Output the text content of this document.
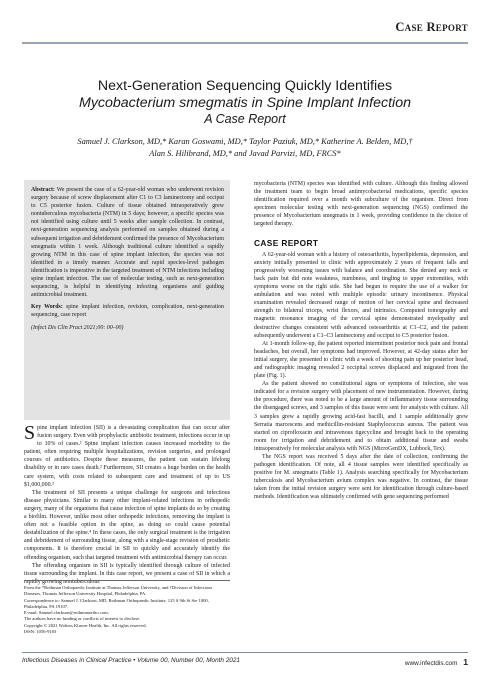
Case Report
Next-Generation Sequencing Quickly Identifies
Mycobacterium smegmatis in Spine Implant Infection
A Case Report
Samuel J. Clarkson, MD,* Karan Goswami, MD,* Taylor Paziuk, MD,* Katherine A. Belden, MD,†
Alan S. Hilibrand, MD,* and Javad Parvizi, MD, FRCS*

Abstract: We present the case of a 62-year-old woman who underwent revision surgery because of screw displacement after C1 to C3 laminectomy and occiput to C5 posterior fusion. Culture of tissue obtained intraoperatively grew nontuberculous mycobacteria (NTM) in 5 days; however, a specific species was not identified using culture until 5 weeks after sample collection. In contrast, next-generation sequencing analysis performed on samples obtained during a subsequent irrigation and debridement confirmed the presence of Mycobacterium smegmatis within 1 week. Although traditional culture identified a rapidly growing NTM in this case of spine implant infection, the species was not identified in a timely manner. Accurate and rapid species-level pathogen identification is imperative in the targeted treatment of NTM infections including spine implant infection. The use of molecular testing, such as next-generation sequencing, is helpful in identifying infecting organisms and guiding antimicrobial treatment.

Key Words: spine implant infection, revision, complication, next-generation sequencing, case report

(Infect Dis Clin Pract 2021;00: 00–00)

Spine implant infection (SII) is a devastating complication that can occur after fusion surgery. Even with prophylactic antibiotic treatment, infections occur in up to 10% of cases.¹ Spine implant infection causes increased morbidity to the patient, often requiring multiple hospitalizations, revision surgeries, and prolonged courses of antibiotics. Despite these measures, the patient can sustain lifelong disability or in rare cases death.² Furthermore, SII creates a huge burden on the health care system, with costs related to subsequent care and treatment of up to US $1,000,000.³

The treatment of SII presents a unique challenge for surgeons and infectious disease physicians. Similar to many other implant-related infections in orthopedic surgery, many of the organisms that cause infection of spine implants do so by creating a biofilm. However, unlike most other orthopedic infections, removing the implant is often not a feasible option in the spine, as doing so could cause potential destabilization of the spine.⁴ In these cases, the only surgical treatment is the irrigation and debridement of surrounding tissue, along with a single-stage revision of prosthetic components. It is therefore crucial in SII to quickly and accurately identify the offending organism, such that targeted treatment with antimicrobial therapy can occur.

The offending organism in SII is typically identified through culture of infected tissue surrounding the implant. In this case report, we present a case of SII in which a rapidly growing nontuberculous

From the *Rothman Orthopaedic Institute at Thomas Jefferson University, and †Division of Infectious Diseases, Thomas Jefferson University Hospital, Philadelphia, PA.

Correspondence to: Samuel J. Clarkson, MD, Rothman Orthopaedic Institute, 125 S 9th St Ste 1000, Philadelphia, PA 19107.

E-mail: Samuel.clarkson@rothmanortho.com.

The authors have no funding or conflicts of interest to disclose.

Copyright © 2021 Wolters Kluwer Health, Inc. All rights reserved.

ISSN: 1056-9103

mycobacteria (NTM) species was identified with culture. Although this finding allowed the treatment team to begin broad antimycobacterial medications, specific species identification required over a month with subculture of the organism. Direct from specimen molecular testing with next-generation sequencing (NGS) confirmed the presence of Mycobacterium smegmatis in 1 week, providing confidence in the choice of targeted therapy.

CASE REPORT

A 62-year-old woman with a history of osteoarthritis, hyperlipidemia, depression, and anxiety initially presented to clinic with approximately 2 years of frequent falls and progressively worsening issues with balance and coordination. She denied any neck or back pain but did note weakness, numbness, and tingling to upper extremities, with symptoms worse on the right side. She had begun to require the use of a walker for ambulation and was noted with multiple episodic urinary incontinence. Physical examination revealed decreased range of motion of her cervical spine and decreased strength to bilateral triceps, wrist flexors, and intrinsics. Computed tomography and magnetic resonance imaging of the cervical spine demonstrated myelopathy and destructive changes consistent with advanced osteoarthritis at C1–C2, and the patient subsequently underwent a C1–C3 laminectomy and occiput to C5 posterior fusion.

At 1-month follow-up, the patient reported intermittent posterior neck pain and frontal headaches, but overall, her symptoms had improved. However, at 42-day status after her initial surgery, she presented to clinic with a week of shooting pain up her posterior head, and radiographic imaging revealed 2 occipital screws displaced and migrated from the plate (Fig. 1).

As the patient showed no constitutional signs or symptoms of infection, she was indicated for a revision surgery with placement of new instrumentation. However, during the procedure, there was noted to be a large amount of inflammatory tissue surrounding the disengaged screws, and 3 samples of this tissue were sent for analysis with culture. All 3 samples grew a rapidly growing acid-fast bacilli, and 1 sample additionally grew Serratia marcescens and methicillin-resistant Staphylococcus aureus. The patient was started on ciprofloxacin and intravenous tigecycline and brought back to the operating room for irrigation and debridement and to obtain additional tissue and swabs intraoperatively for molecular analysis with NGS (MicroGenDX, Lubbock, Tex).

The NGS report was received 5 days after the date of collection, confirming the pathogen identification. Of note, all 4 tissue samples were identified specifically as positive for M. smegmatis (Table 1). Analysis searching specifically for Mycobacterium tuberculosis and Mycobacterium avium complex was negative. In contrast, the tissue taken from the initial revision surgery were sent for identification through culture-based methods. Identification was ultimately confirmed with gene sequencing performed

Infectious Diseases in Clinical Practice • Volume 00, Number 00, Month 2021	www.infectdis.com 1
